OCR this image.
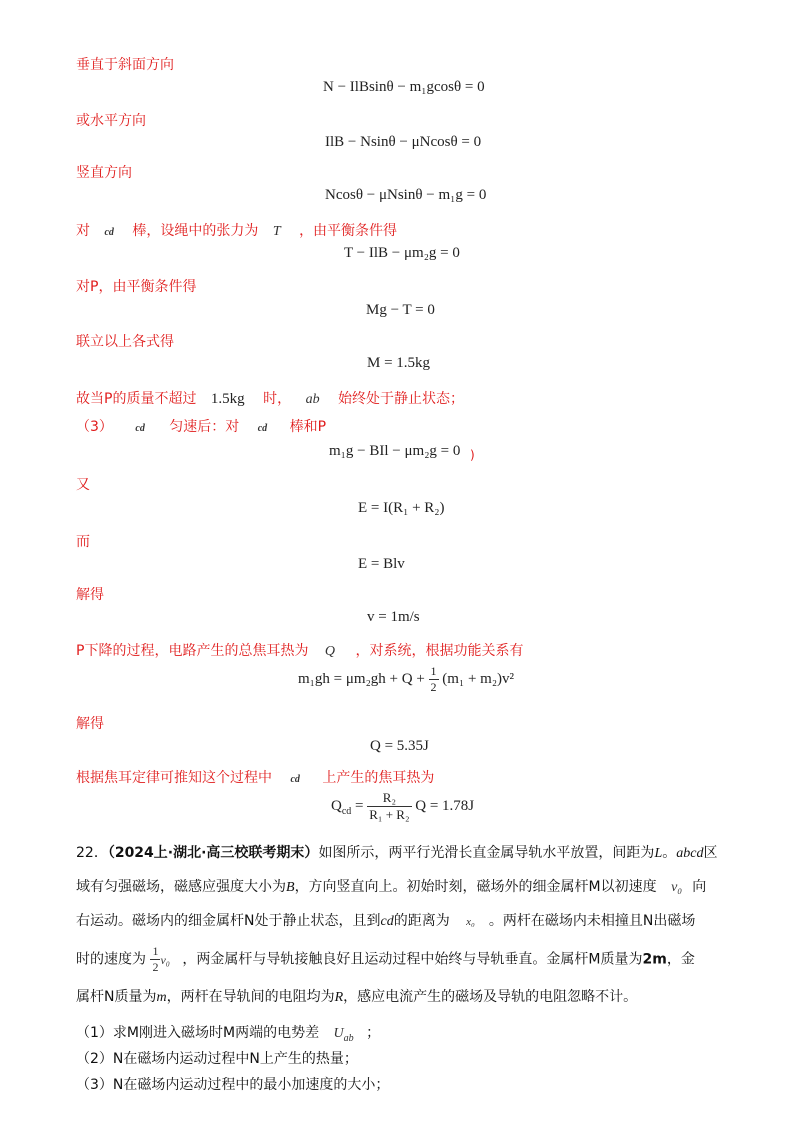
垂直于斜面方向
N − IlBsinθ − m₁gcosθ = 0
或水平方向
IlB − Nsinθ − μNcosθ = 0
竖直方向
Ncosθ − μNsinθ − m₁g = 0
对 cd 棒，设绳中的张力为 T ，由平衡条件得
T − IlB − μm₂g = 0
对P，由平衡条件得
Mg − T = 0
联立以上各式得
M = 1.5kg
故当P的质量不超过 1.5kg 时， ab 始终处于静止状态；
（3） cd 匀速后：对 cd 棒和P
m₁g − BIl − μm₂g = 0 )
又
E = I(R₁ + R₂)
而
E = Blv
解得
v = 1m/s
P下降的过程，电路产生的总焦耳热为 Q ，对系统，根据功能关系有
$m_1gh = \mu m_2gh + Q + \frac{1}{2} (m_1 + m_2)v^2$
解得
Q = 5.35J
根据焦耳定律可推知这个过程中 cd 上产生的焦耳热为
$Q_{cd} = \frac{\text{R₂}}{\text{R₁ + R₂}}$ Q = 1.78J
22．（2024上·湖北·高三校联考期末）如图所示，两平行光滑长直金属导轨水平放置，间距为L。abcd区
域有匀强磁场，磁感应强度大小为B，方向竖直向上。初始时刻，磁场外的细金属杆M以初速度 v₀ 向
右运动。磁场内的细金属杆N处于静止状态，且到cd的距离为 x₀ 。两杆在磁场内未相撞且N出磁场
时的速度为 $\frac{1}{2} v_0$ ，两金属杆与导轨接触良好且运动过程中始终与导轨垂直。金属杆M质量为2m，金
属杆N质量为m，两杆在导轨间的电阻均为R，感应电流产生的磁场及导轨的电阻忽略不计。
（1）求M刚进入磁场时M两端的电势差 $U_{ab}$ ；
（2）N在磁场内运动过程中N上产生的热量；
（3）N在磁场内运动过程中的最小加速度的大小；
